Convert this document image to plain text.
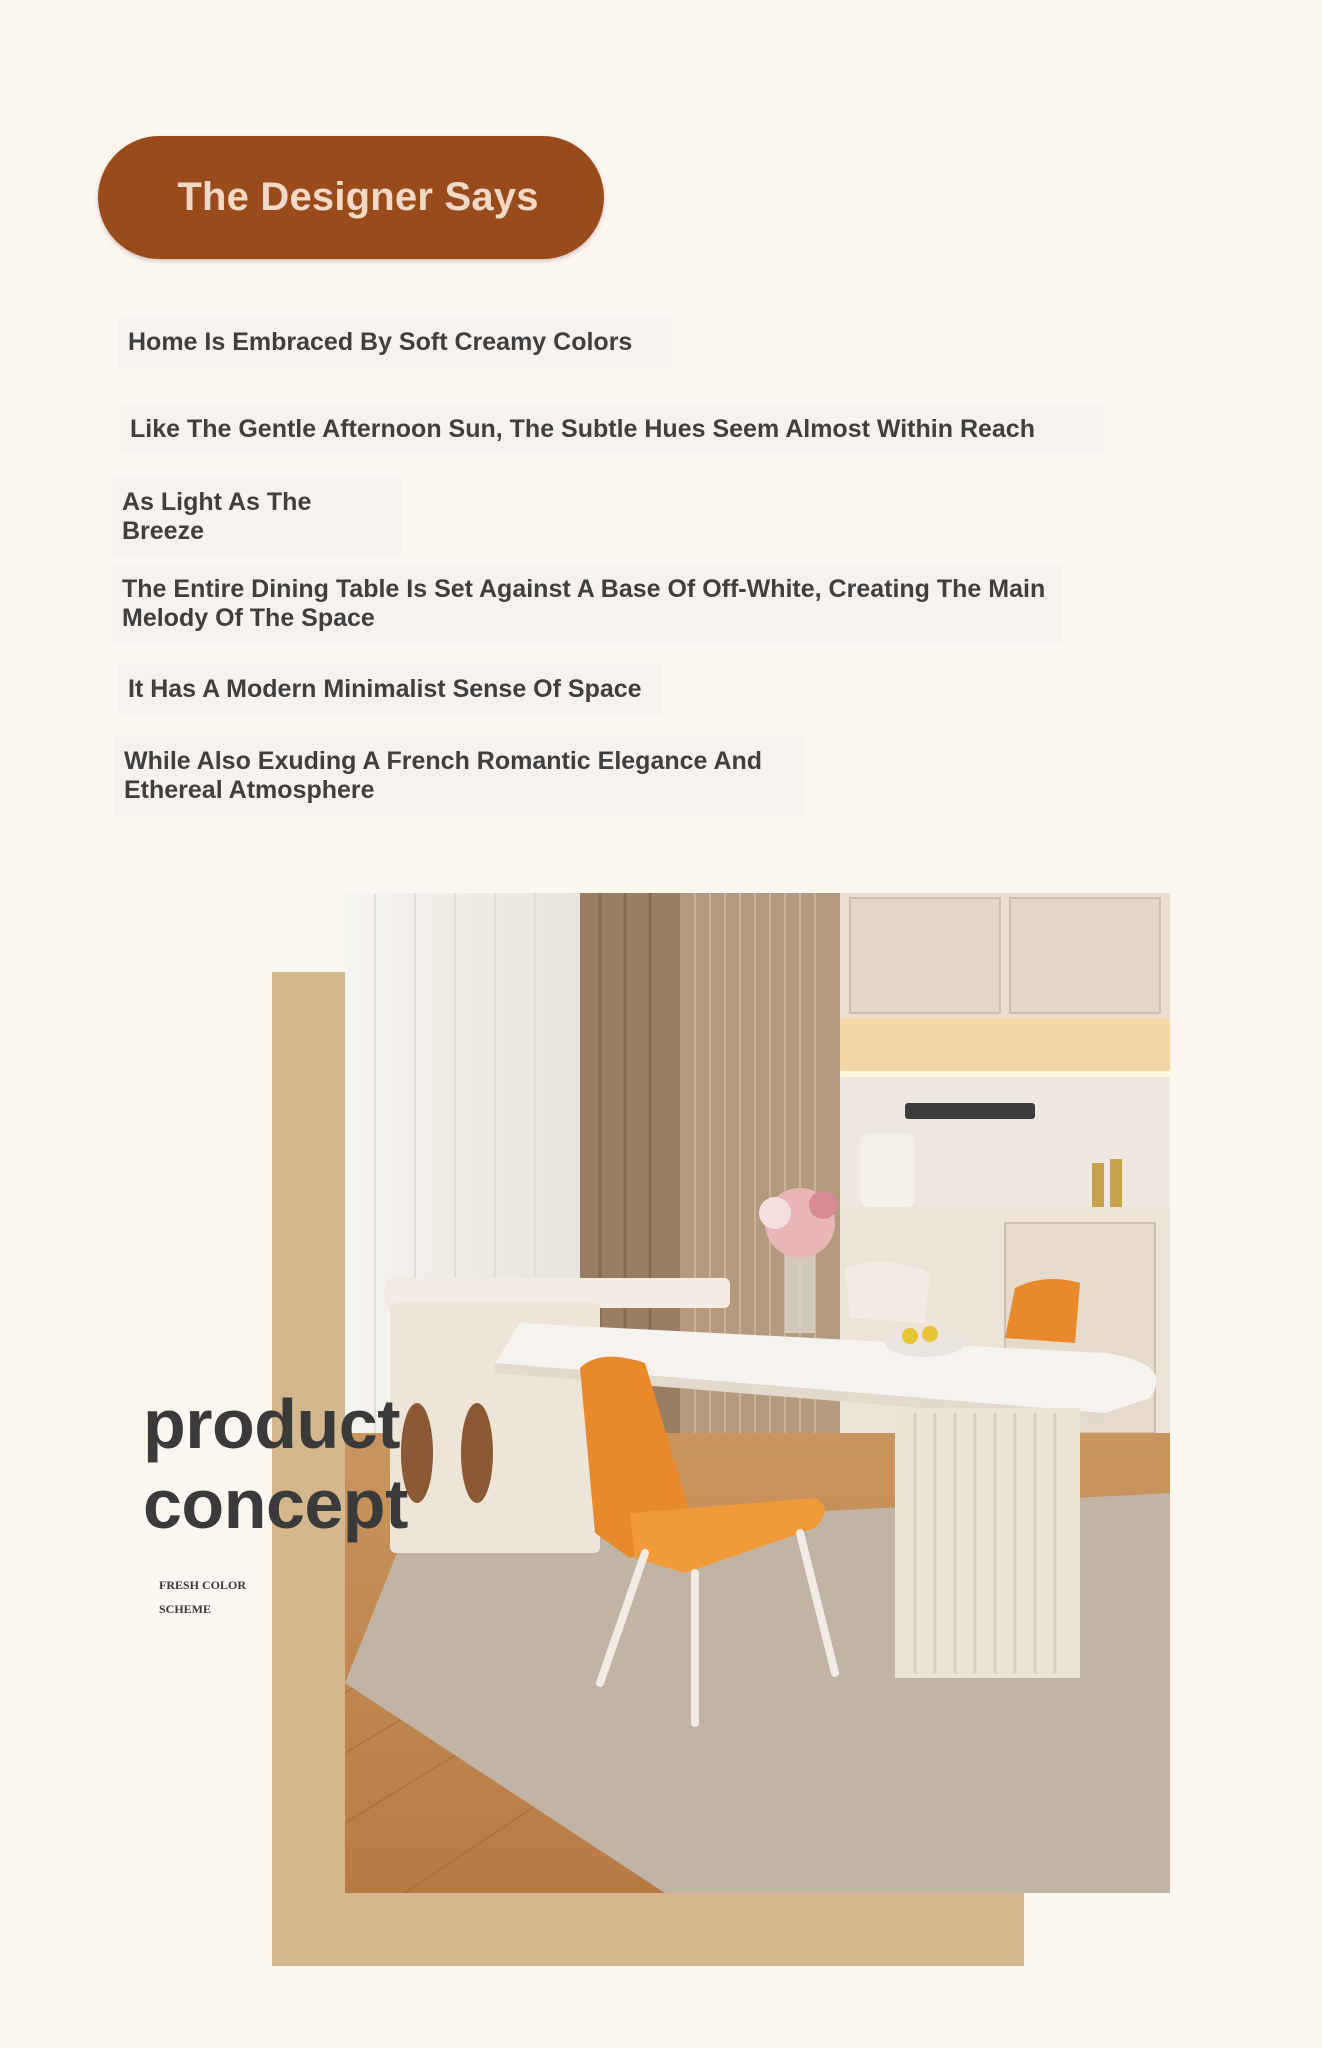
The Designer Says
Home Is Embraced By Soft Creamy Colors
Like The Gentle Afternoon Sun, The Subtle Hues Seem Almost Within Reach
As Light As The Breeze
The Entire Dining Table Is Set Against A Base Of Off-White, Creating The Main Melody Of The Space
It Has A Modern Minimalist Sense Of Space
While Also Exuding A French Romantic Elegance And Ethereal Atmosphere
product
concept
FRESH COLOR
SCHEME
